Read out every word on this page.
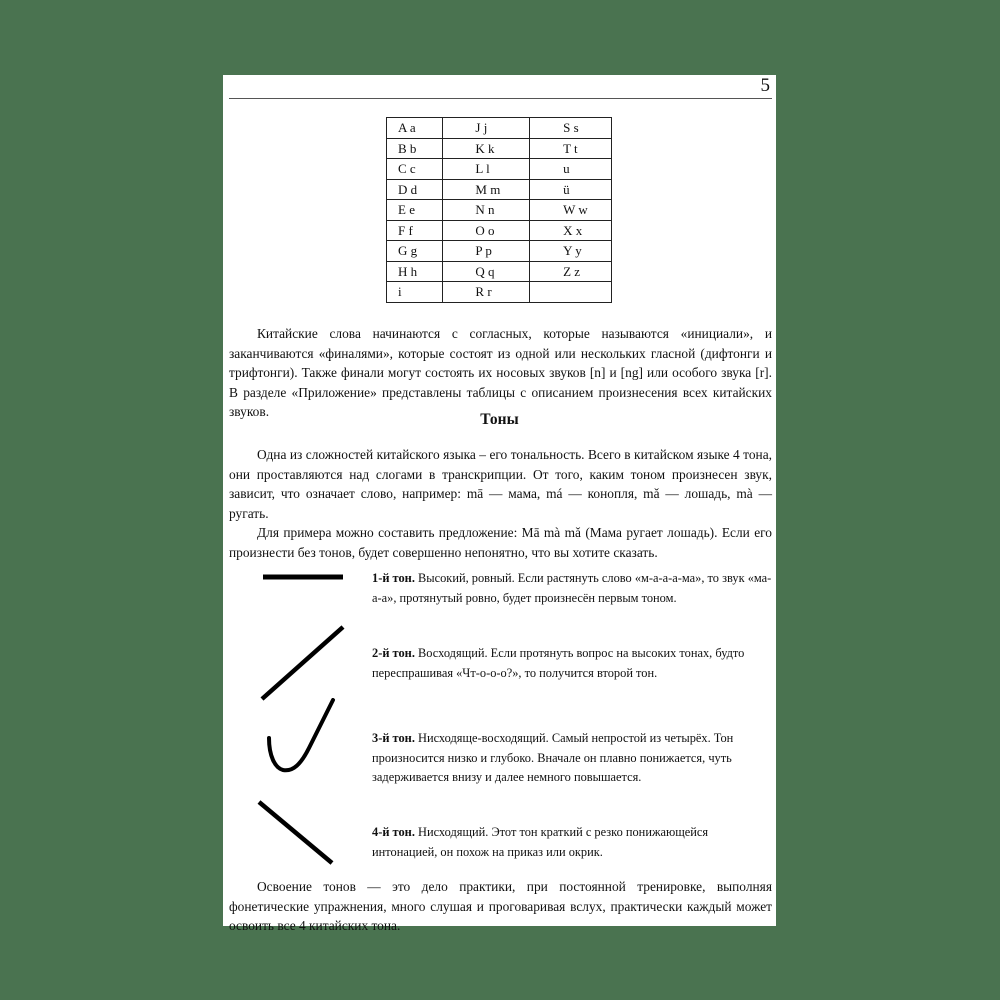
5
A a	J j	S s
B b	K k	T t
C c	L l	u
D d	M m	ü
E e	N n	W w
F f	O o	X x
G g	P p	Y y
H h	Q q	Z z
i	R r	

Китайские слова начинаются с согласных, которые называются «инициали», и заканчиваются «финалями», которые состоят из одной или нескольких гласной (дифтонги и трифтонги). Также финали могут состоять их носовых звуков [n] и [ng] или особого звука [r]. В разделе «Приложение» представлены таблицы с описанием произнесения всех китайских звуков.	Тоны

Одна из сложностей китайского языка – его тональность. Всего в китайском языке 4 тона, они проставляются над слогами в транскрипции. От того, каким тоном произнесен звук, зависит, что означает слово, например: mā — мама, má — конопля, mǎ — лошадь, mà — ругать.

Для примера можно составить предложение: Mā mà mǎ (Мама ругает лошадь). Если его произнести без тонов, будет совершенно непонятно, что вы хотите сказать.

1-й тон. Высокий, ровный. Если растянуть слово «м-а-а-а-ма», то звук «ма-а-а», протянутый ровно, будет произнесён первым тоном.
2-й тон. Восходящий. Если протянуть вопрос на высоких тонах, будто переспрашивая «Чт-о-о-о?», то получится второй тон.
3-й тон. Нисходяще-восходящий. Самый непростой из четырёх. Тон произносится низко и глубоко. Вначале он плавно понижается, чуть задерживается внизу и далее немного повышается.
4-й тон. Нисходящий. Этот тон краткий с резко понижающейся интонацией, он похож на приказ или окрик.

Освоение тонов — это дело практики, при постоянной тренировке, выполняя фонетические упражнения, много слушая и проговаривая вслух, практически каждый может освоить все 4 китайских тона.
